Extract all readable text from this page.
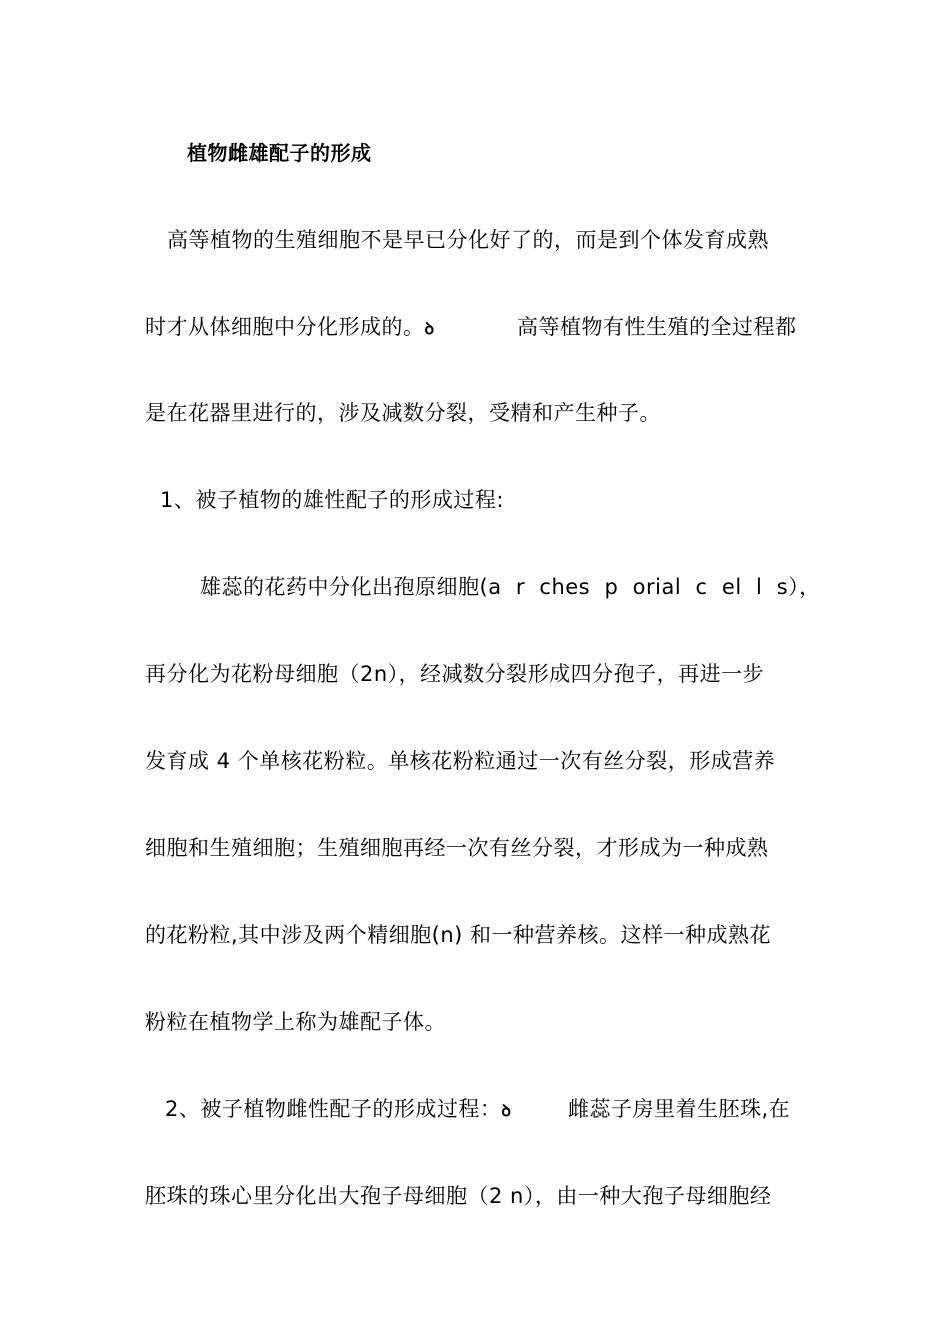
植物雌雄配子的形成
高等植物的生殖细胞不是早已分化好了的，而是到个体发育成熟
时才从体细胞中分化形成的。ꝺ	高等植物有性生殖的全过程都
是在花器里进行的，涉及减数分裂，受精和产生种子。
1、被子植物的雄性配子的形成过程:
雄蕊的花药中分化出孢原细胞(a  r  ches  p  orial  c  el  l  s），
再分化为花粉母细胞（2n），经减数分裂形成四分孢子，再进一步
发育成 4 个单核花粉粒。单核花粉粒通过一次有丝分裂，形成营养
细胞和生殖细胞；生殖细胞再经一次有丝分裂，才形成为一种成熟
的花粉粒,其中涉及两个精细胞(n) 和一种营养核。这样一种成熟花
粉粒在植物学上称为雄配子体。
2、被子植物雌性配子的形成过程：ꝺ	雌蕊子房里着生胚珠,在
胚珠的珠心里分化出大孢子母细胞（2 n），由一种大孢子母细胞经
